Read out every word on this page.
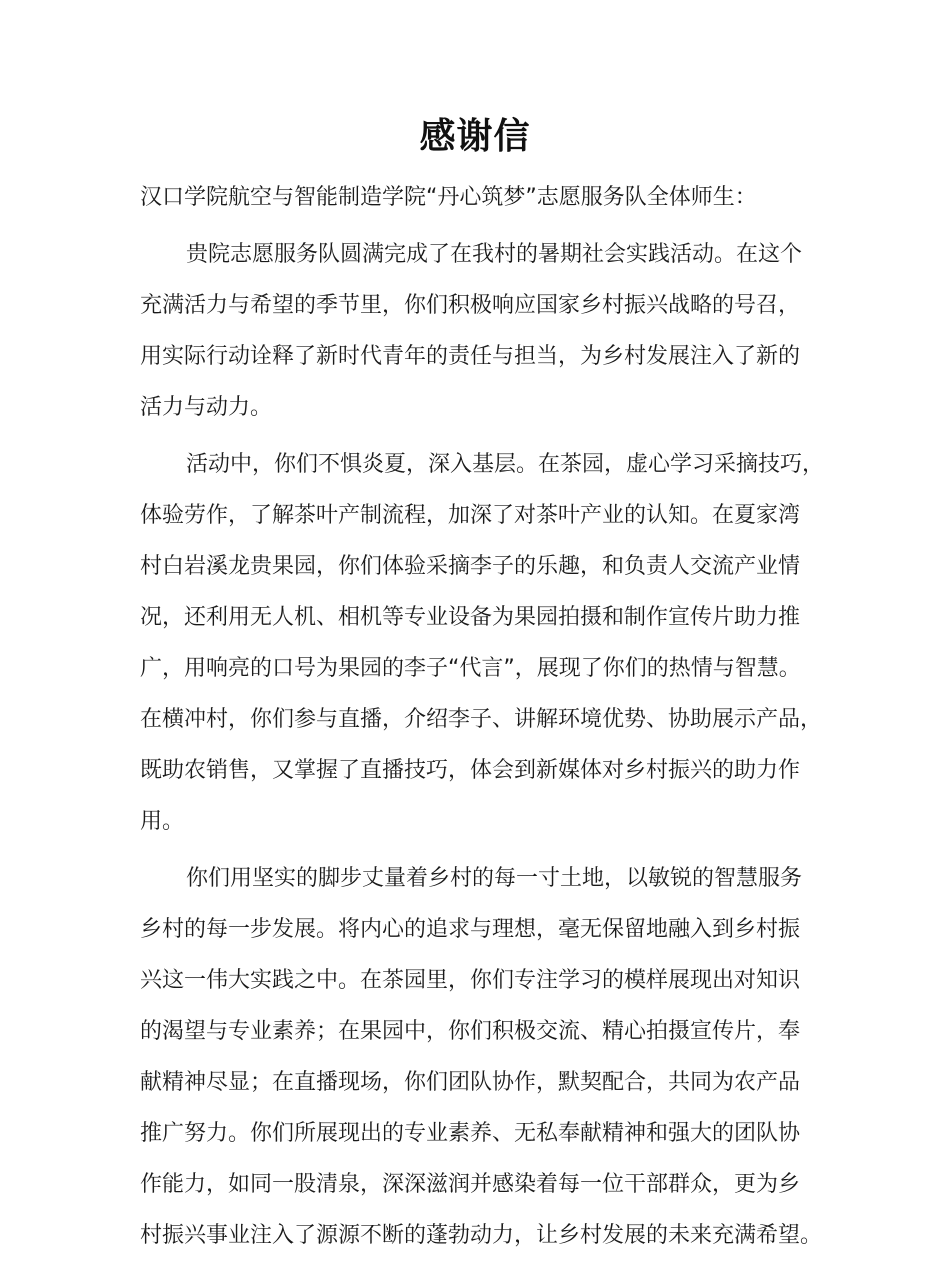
感谢信
汉口学院航空与智能制造学院“丹心筑梦”志愿服务队全体师生：
贵院志愿服务队圆满完成了在我村的暑期社会实践活动。在这个
充满活力与希望的季节里，你们积极响应国家乡村振兴战略的号召，
用实际行动诠释了新时代青年的责任与担当，为乡村发展注入了新的
活力与动力。
活动中，你们不惧炎夏，深入基层。在茶园，虚心学习采摘技巧，
体验劳作，了解茶叶产制流程，加深了对茶叶产业的认知。在夏家湾
村白岩溪龙贵果园，你们体验采摘李子的乐趣，和负责人交流产业情
况，还利用无人机、相机等专业设备为果园拍摄和制作宣传片助力推
广，用响亮的口号为果园的李子“代言”，展现了你们的热情与智慧。
在横冲村，你们参与直播，介绍李子、讲解环境优势、协助展示产品，
既助农销售，又掌握了直播技巧，体会到新媒体对乡村振兴的助力作
用。
你们用坚实的脚步丈量着乡村的每一寸土地，以敏锐的智慧服务
乡村的每一步发展。将内心的追求与理想，毫无保留地融入到乡村振
兴这一伟大实践之中。在茶园里，你们专注学习的模样展现出对知识
的渴望与专业素养；在果园中，你们积极交流、精心拍摄宣传片，奉
献精神尽显；在直播现场，你们团队协作，默契配合，共同为农产品
推广努力。你们所展现出的专业素养、无私奉献精神和强大的团队协
作能力，如同一股清泉，深深滋润并感染着每一位干部群众，更为乡
村振兴事业注入了源源不断的蓬勃动力，让乡村发展的未来充满希望。
